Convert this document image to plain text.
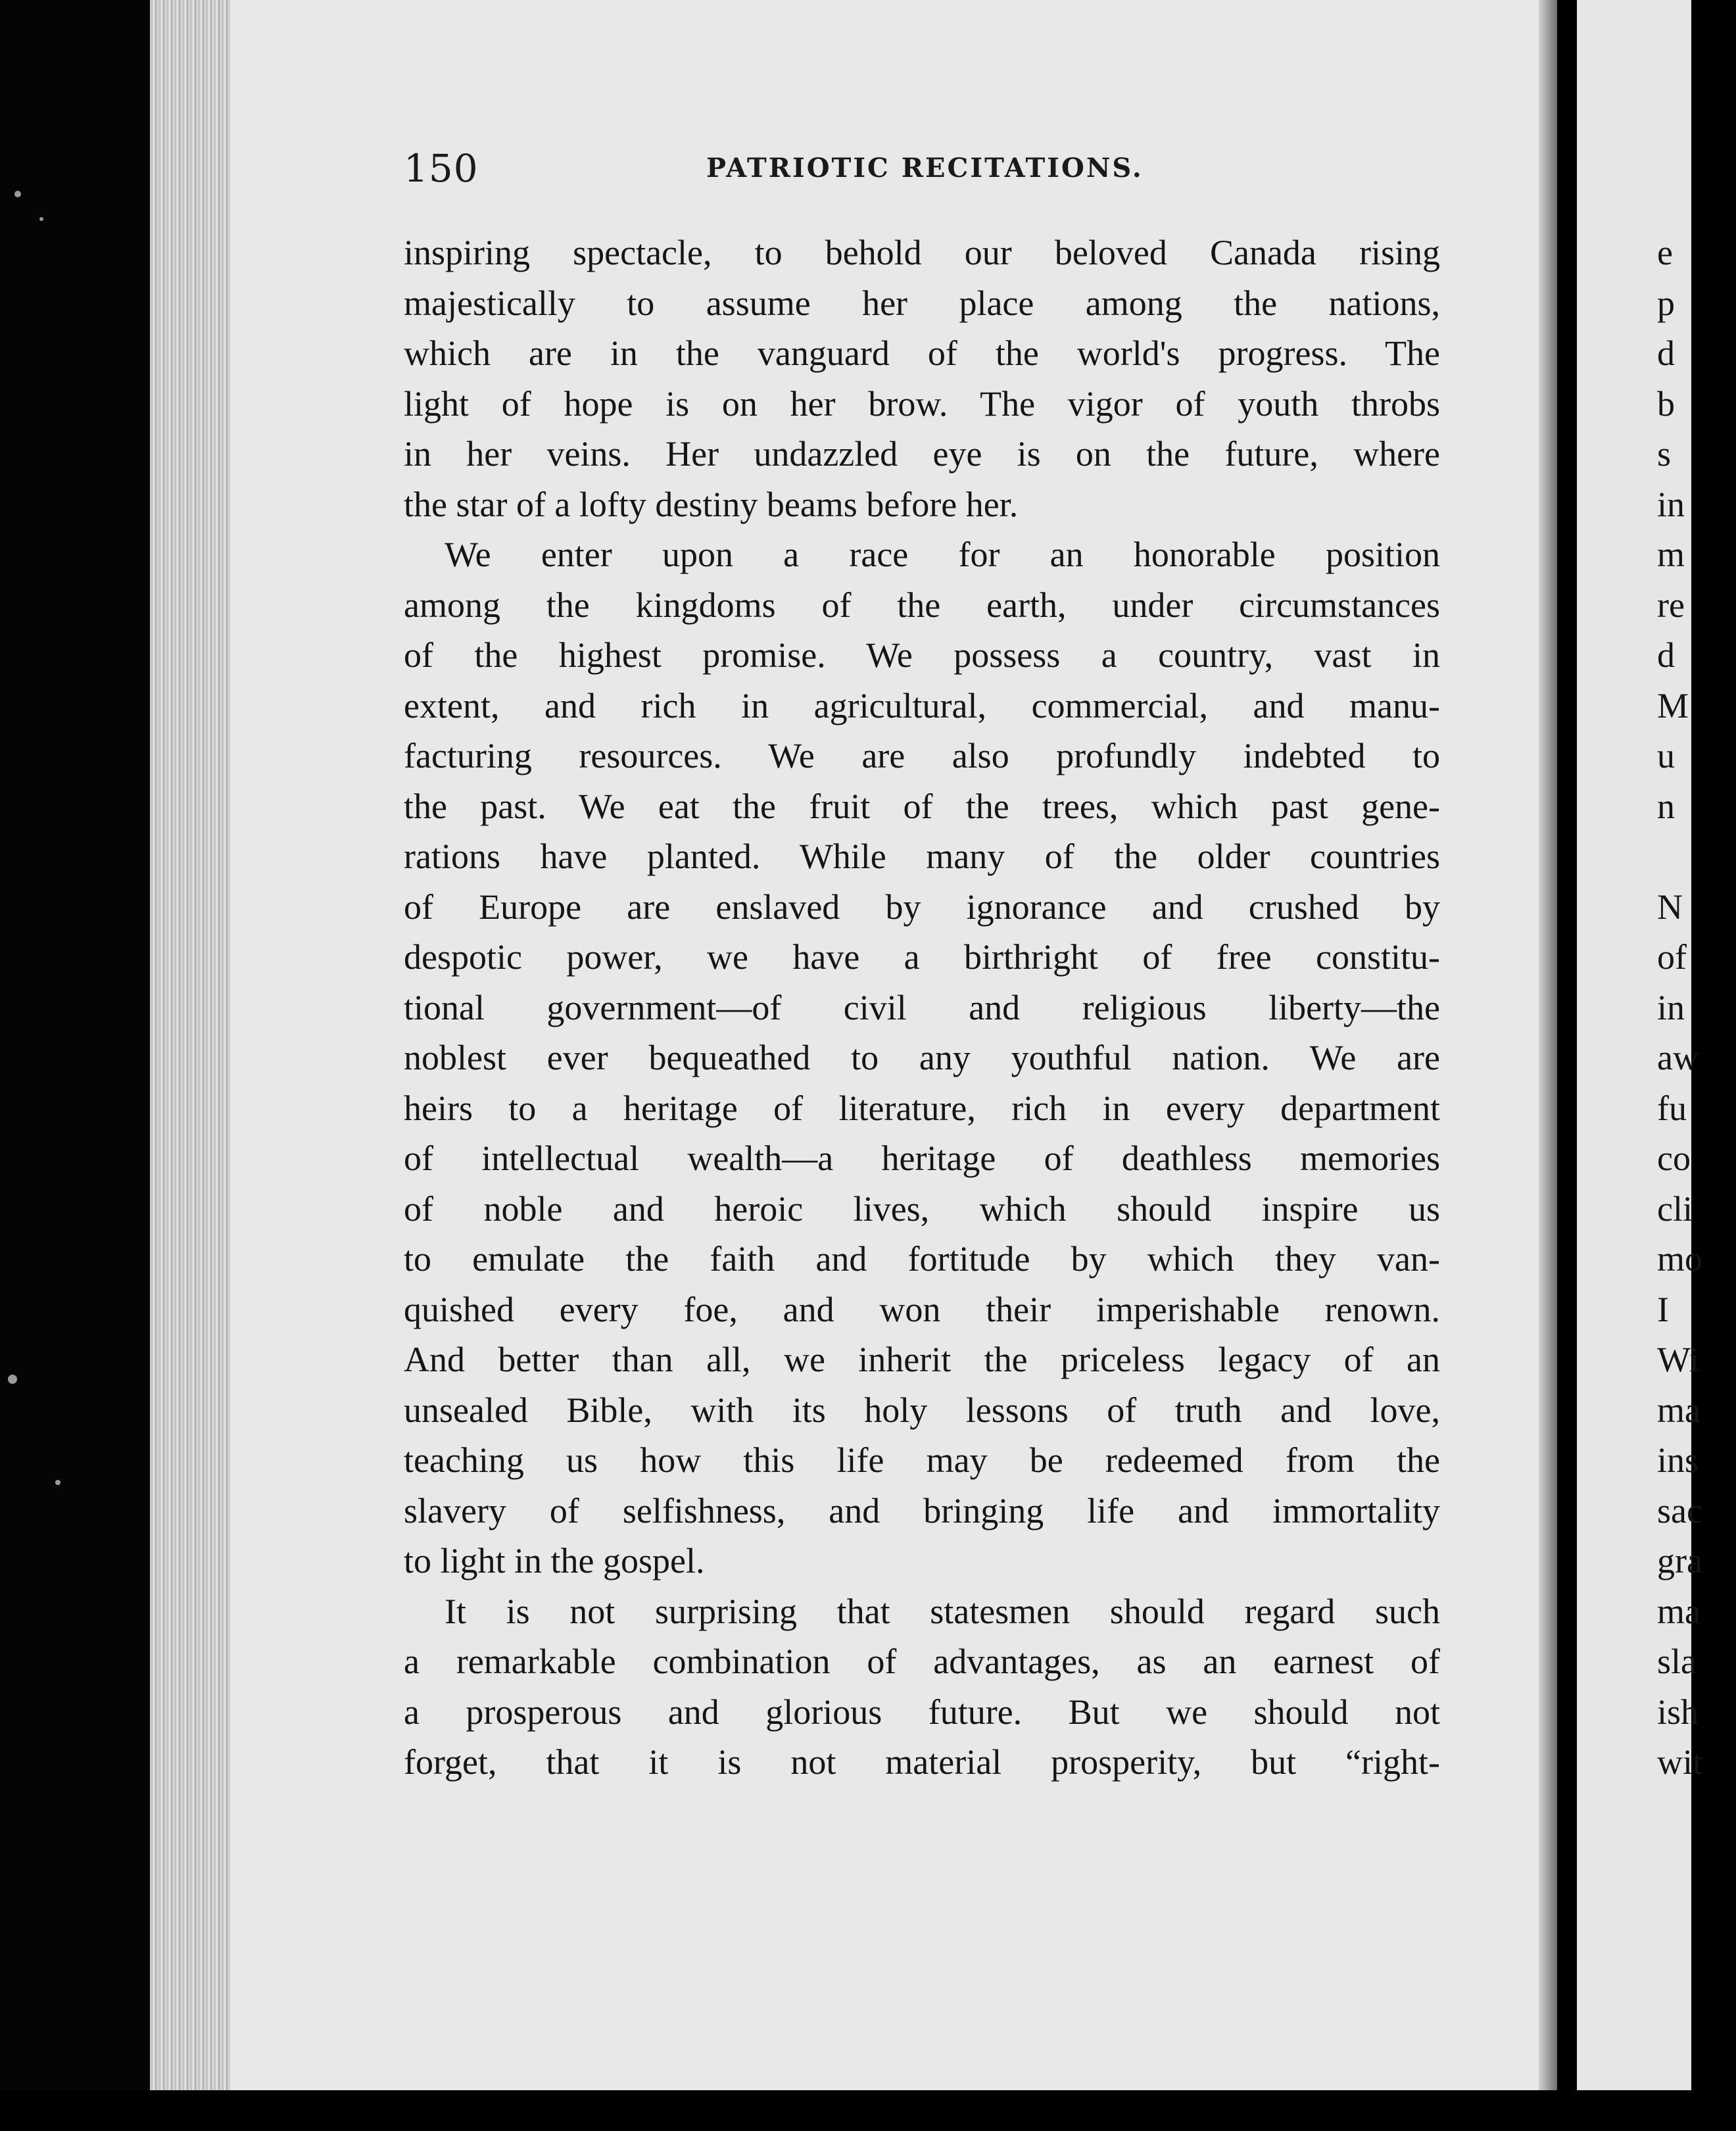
150	PATRIOTIC RECITATIONS.
inspiring spectacle, to behold our beloved Canada rising
majestically to assume her place among the nations,
which are in the vanguard of the world's progress. The
light of hope is on her brow. The vigor of youth throbs
in her veins. Her undazzled eye is on the future, where
the star of a lofty destiny beams before her.
We enter upon a race for an honorable position
among the kingdoms of the earth, under circumstances
of the highest promise. We possess a country, vast in
extent, and rich in agricultural, commercial, and manu-
facturing resources. We are also profundly indebted to
the past. We eat the fruit of the trees, which past gene-
rations have planted. While many of the older countries
of Europe are enslaved by ignorance and crushed by
despotic power, we have a birthright of free constitu-
tional government—of civil and religious liberty—the
noblest ever bequeathed to any youthful nation. We are
heirs to a heritage of literature, rich in every department
of intellectual wealth—a heritage of deathless memories
of noble and heroic lives, which should inspire us
to emulate the faith and fortitude by which they van-
quished every foe, and won their imperishable renown.
And better than all, we inherit the priceless legacy of an
unsealed Bible, with its holy lessons of truth and love,
teaching us how this life may be redeemed from the
slavery of selfishness, and bringing life and immortality
to light in the gospel.
It is not surprising that statesmen should regard such
a remarkable combination of advantages, as an earnest of
a prosperous and glorious future. But we should not
forget, that it is not material prosperity, but “right-
e
p
d
b
s
in
m
re
d
M
u
n
N
of
in
aw
fu
co
cli
mo
I
Wi
ma
ins
sac
gra
ma
sla
ish
wit
